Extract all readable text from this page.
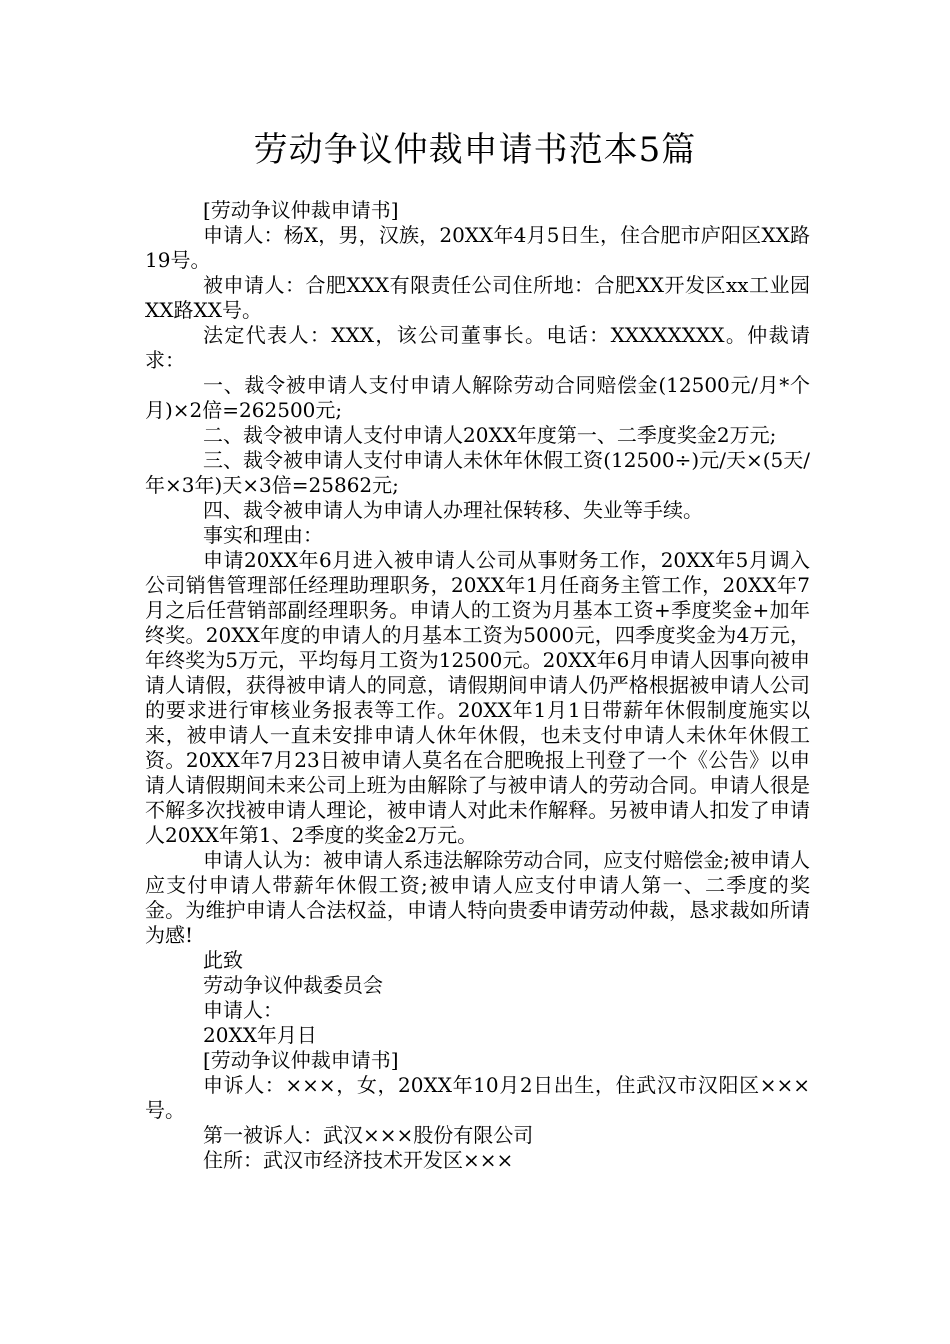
劳动争议仲裁申请书范本5篇

[劳动争议仲裁申请书]

申请人：杨X，男，汉族，20XX年4月5日生，住合肥市庐阳区XX路19号。

被申请人：合肥XXX有限责任公司住所地：合肥XX开发区xx工业园XX路XX号。

法定代表人：XXX，该公司董事长。电话：XXXXXXXX。仲裁请求：

一、裁令被申请人支付申请人解除劳动合同赔偿金(12500元/月*个月)×2倍=262500元;

二、裁令被申请人支付申请人20XX年度第一、二季度奖金2万元;

三、裁令被申请人支付申请人未休年休假工资(12500÷)元/天×(5天/年×3年)天×3倍=25862元;

四、裁令被申请人为申请人办理社保转移、失业等手续。

事实和理由：

申请20XX年6月进入被申请人公司从事财务工作，20XX年5月调入公司销售管理部任经理助理职务，20XX年1月任商务主管工作，20XX年7月之后任营销部副经理职务。申请人的工资为月基本工资+季度奖金+加年终奖。20XX年度的申请人的月基本工资为5000元，四季度奖金为4万元，年终奖为5万元，平均每月工资为12500元。20XX年6月申请人因事向被申请人请假，获得被申请人的同意，请假期间申请人仍严格根据被申请人公司的要求进行审核业务报表等工作。20XX年1月1日带薪年休假制度施实以来，被申请人一直未安排申请人休年休假，也未支付申请人未休年休假工资。20XX年7月23日被申请人莫名在合肥晚报上刊登了一个《公告》以申请人请假期间未来公司上班为由解除了与被申请人的劳动合同。申请人很是不解多次找被申请人理论，被申请人对此未作解释。另被申请人扣发了申请人20XX年第1、2季度的奖金2万元。

申请人认为：被申请人系违法解除劳动合同，应支付赔偿金;被申请人应支付申请人带薪年休假工资;被申请人应支付申请人第一、二季度的奖金。为维护申请人合法权益，申请人特向贵委申请劳动仲裁，恳求裁如所请为感!

此致

劳动争议仲裁委员会

申请人：

20XX年月日

[劳动争议仲裁申请书]

申诉人：×××，女，20XX年10月2日出生，住武汉市汉阳区×××号。

第一被诉人：武汉×××股份有限公司

住所：武汉市经济技术开发区×××
